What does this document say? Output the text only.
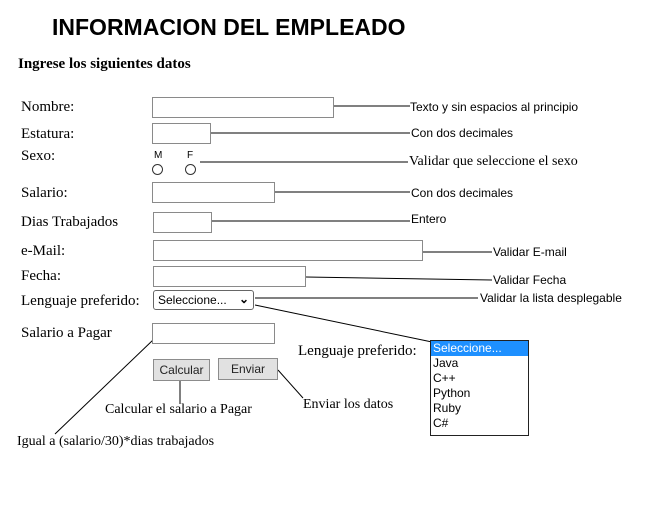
INFORMACION DEL EMPLEADO
Ingrese los siguientes datos
Nombre:	Texto y sin espacios al principio
Estatura:	Con dos decimales
Sexo:	M F	Validar que seleccione el sexo
Salario:	Con dos decimales
Dias Trabajados	Entero
e-Mail:	Validar E-mail
Fecha:	Validar Fecha
Lenguaje preferido:	Seleccione... ⌄	Validar la lista desplegable
Salario a Pagar
Calcular	Enviar
Calcular el salario a Pagar	Enviar los datos
Igual a (salario/30)*dias trabajados
Lenguaje preferido: Seleccione...
Java
C++
Python
Ruby
C#
